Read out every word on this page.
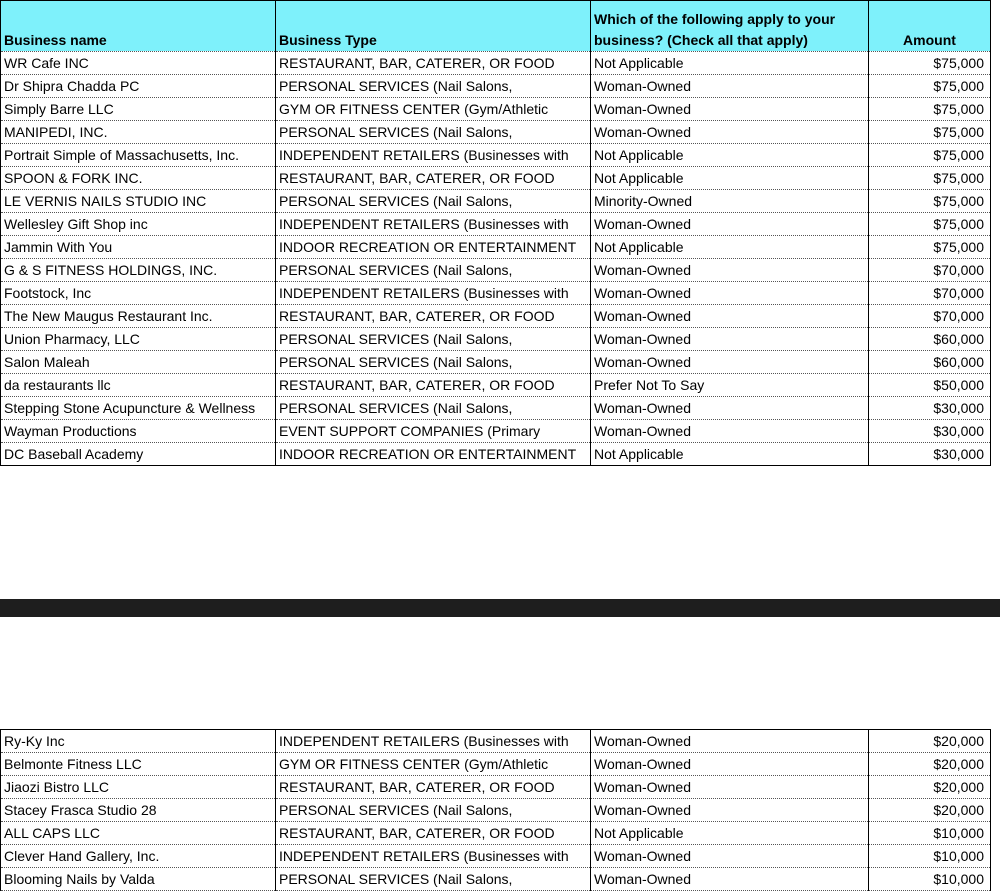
Business name	Business Type	Which of the following apply to your business? (Check all that apply)	Amount
WR Cafe INC	RESTAURANT, BAR, CATERER, OR FOOD	Not Applicable	$75,000
Dr Shipra Chadda PC	PERSONAL SERVICES (Nail Salons,	Woman-Owned	$75,000
Simply Barre LLC	GYM OR FITNESS CENTER (Gym/Athletic	Woman-Owned	$75,000
MANIPEDI, INC.	PERSONAL SERVICES (Nail Salons,	Woman-Owned	$75,000
Portrait Simple of Massachusetts, Inc.	INDEPENDENT RETAILERS (Businesses with	Not Applicable	$75,000
SPOON & FORK INC.	RESTAURANT, BAR, CATERER, OR FOOD	Not Applicable	$75,000
LE VERNIS NAILS STUDIO INC	PERSONAL SERVICES (Nail Salons,	Minority-Owned	$75,000
Wellesley Gift Shop inc	INDEPENDENT RETAILERS (Businesses with	Woman-Owned	$75,000
Jammin With You	INDOOR RECREATION OR ENTERTAINMENT	Not Applicable	$75,000
G & S FITNESS HOLDINGS, INC.	PERSONAL SERVICES (Nail Salons,	Woman-Owned	$70,000
Footstock, Inc	INDEPENDENT RETAILERS (Businesses with	Woman-Owned	$70,000
The New Maugus Restaurant Inc.	RESTAURANT, BAR, CATERER, OR FOOD	Woman-Owned	$70,000
Union Pharmacy, LLC	PERSONAL SERVICES (Nail Salons,	Woman-Owned	$60,000
Salon Maleah	PERSONAL SERVICES (Nail Salons,	Woman-Owned	$60,000
da restaurants llc	RESTAURANT, BAR, CATERER, OR FOOD	Prefer Not To Say	$50,000
Stepping Stone Acupuncture & Wellness	PERSONAL SERVICES (Nail Salons,	Woman-Owned	$30,000
Wayman Productions	EVENT SUPPORT COMPANIES (Primary	Woman-Owned	$30,000
DC Baseball Academy	INDOOR RECREATION OR ENTERTAINMENT	Not Applicable	$30,000
Ry-Ky Inc	INDEPENDENT RETAILERS (Businesses with	Woman-Owned	$20,000
Belmonte Fitness LLC	GYM OR FITNESS CENTER (Gym/Athletic	Woman-Owned	$20,000
Jiaozi Bistro LLC	RESTAURANT, BAR, CATERER, OR FOOD	Woman-Owned	$20,000
Stacey Frasca Studio 28	PERSONAL SERVICES (Nail Salons,	Woman-Owned	$20,000
ALL CAPS LLC	RESTAURANT, BAR, CATERER, OR FOOD	Not Applicable	$10,000
Clever Hand Gallery, Inc.	INDEPENDENT RETAILERS (Businesses with	Woman-Owned	$10,000
Blooming Nails by Valda	PERSONAL SERVICES (Nail Salons,	Woman-Owned	$10,000
